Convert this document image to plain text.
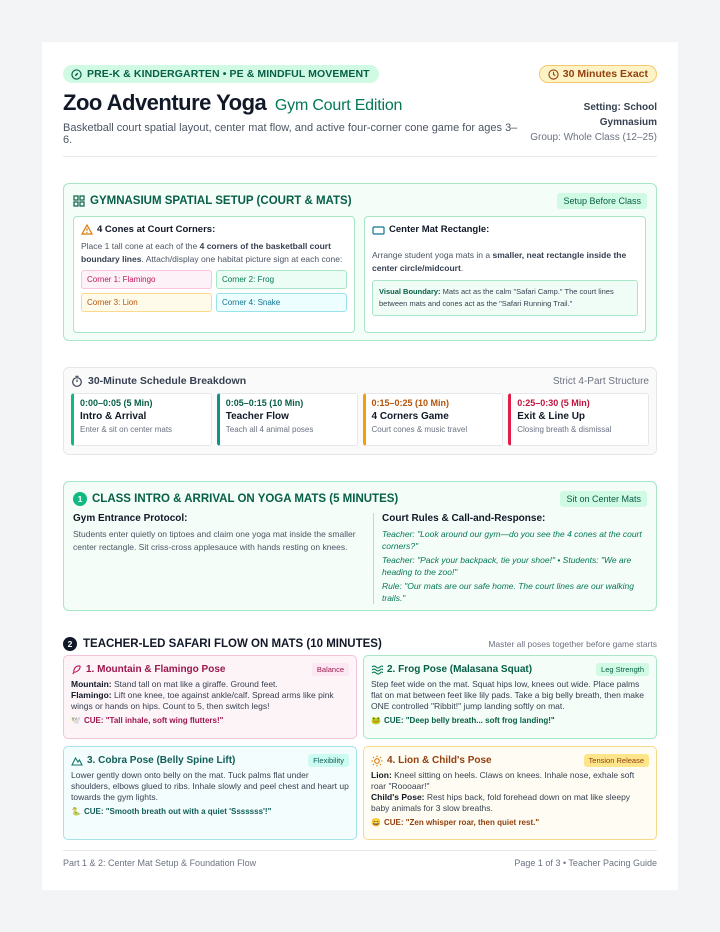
PRE-K & KINDERGARTEN • PE & MINDFUL MOVEMENT	30 Minutes Exact
Zoo Adventure Yoga Gym Court Edition
Basketball court spatial layout, center mat flow, and active four-corner cone game for ages 3–6.
Setting: School Gymnasium
Group: Whole Class (12–25)
GYMNASIUM SPATIAL SETUP (COURT & MATS)	Setup Before Class
4 Cones at Court Corners:
Place 1 tall cone at each of the 4 corners of the basketball court boundary lines. Attach/display one habitat picture sign at each cone:
Corner 1: Flamingo	Corner 2: Frog
Corner 3: Lion	Corner 4: Snake
Center Mat Rectangle:
Arrange student yoga mats in a smaller, neat rectangle inside the center circle/midcourt.
Visual Boundary: Mats act as the calm "Safari Camp." The court lines between mats and cones act as the "Safari Running Trail."
30-Minute Schedule Breakdown	Strict 4-Part Structure
0:00–0:05 (5 Min)
Intro & Arrival
Enter & sit on center mats
0:05–0:15 (10 Min)
Teacher Flow
Teach all 4 animal poses
0:15–0:25 (10 Min)
4 Corners Game
Court cones & music travel
0:25–0:30 (5 Min)
Exit & Line Up
Closing breath & dismissal
1 CLASS INTRO & ARRIVAL ON YOGA MATS (5 MINUTES)	Sit on Center Mats
Gym Entrance Protocol:
Students enter quietly on tiptoes and claim one yoga mat inside the smaller center rectangle. Sit criss-cross applesauce with hands resting on knees.
Court Rules & Call-and-Response:
Teacher: "Look around our gym—do you see the 4 cones at the court corners?"
Teacher: "Pack your backpack, tie your shoe!" • Students: "We are heading to the zoo!"
Rule: "Our mats are our safe home. The court lines are our walking trails."
2 TEACHER-LED SAFARI FLOW ON MATS (10 MINUTES)	Master all poses together before game starts
1. Mountain & Flamingo Pose	Balance
Mountain: Stand tall on mat like a giraffe. Ground feet.
Flamingo: Lift one knee, toe against ankle/calf. Spread arms like pink wings or hands on hips. Count to 5, then switch legs!
🕊️ CUE: "Tall inhale, soft wing flutters!"
2. Frog Pose (Malasana Squat)	Leg Strength
Step feet wide on the mat. Squat hips low, knees out wide. Place palms flat on mat between feet like lily pads. Take a big belly breath, then make ONE controlled "Ribbit!" jump landing softly on mat.
🐸 CUE: "Deep belly breath... soft frog landing!"
3. Cobra Pose (Belly Spine Lift)	Flexibility
Lower gently down onto belly on the mat. Tuck palms flat under shoulders, elbows glued to ribs. Inhale slowly and peel chest and heart up towards the gym lights.
🐍 CUE: "Smooth breath out with a quiet 'Sssssss'!"
4. Lion & Child's Pose	Tension Release
Lion: Kneel sitting on heels. Claws on knees. Inhale nose, exhale soft roar "Roooaar!"
Child's Pose: Rest hips back, fold forehead down on mat like sleepy baby animals for 3 slow breaths.
😄 CUE: "Zen whisper roar, then quiet rest."
Part 1 & 2: Center Mat Setup & Foundation Flow	Page 1 of 3 • Teacher Pacing Guide
